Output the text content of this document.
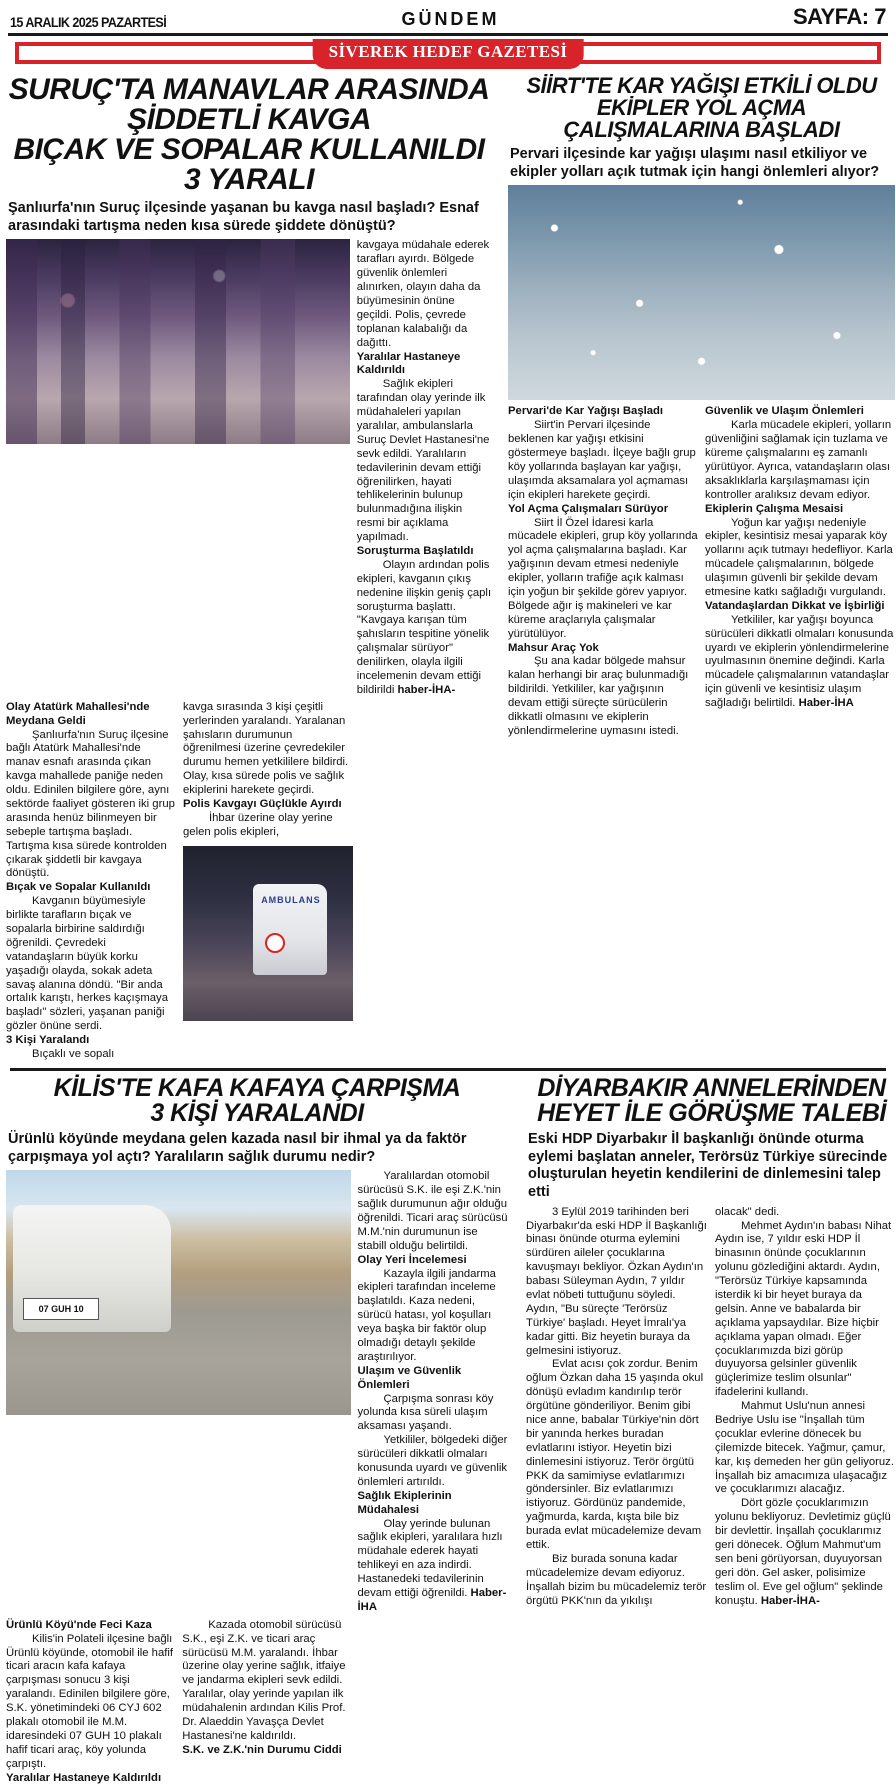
15 ARALIK 2025 PAZARTESİ	GÜNDEM	SAYFA: 7
SİVEREK HEDEF GAZETESİ
SURUÇ'TA MANAVLAR ARASINDA ŞİDDETLİ KAVGA
BIÇAK VE SOPALAR KULLANILDI 3 YARALI
Şanlıurfa'nın Suruç ilçesinde yaşanan bu kavga nasıl başladı? Esnaf arasındaki tartışma neden kısa sürede şiddete dönüştü?

kavgaya müdahale ederek tarafları ayırdı. Bölgede güvenlik önlemleri alınırken, olayın daha da büyümesinin önüne geçildi. Polis, çevrede toplanan kalabalığı da dağıttı.

Yaralılar Hastaneye Kaldırıldı

Sağlık ekipleri tarafından olay yerinde ilk müdahaleleri yapılan yaralılar, ambulanslarla Suruç Devlet Hastanesi'ne sevk edildi. Yaralıların tedavilerinin devam ettiği öğrenilirken, hayati tehlikelerinin bulunup bulunmadığına ilişkin resmi bir açıklama yapılmadı.

Soruşturma Başlatıldı

Olayın ardından polis ekipleri, kavganın çıkış nedenine ilişkin geniş çaplı soruşturma başlattı. "Kavgaya karışan tüm şahısların tespitine yönelik çalışmalar sürüyor" denilirken, olayla ilgili incelemenin devam ettiği bildirildi haber-İHA-

Olay Atatürk Mahallesi'nde Meydana Geldi

Şanlıurfa'nın Suruç ilçesine bağlı Atatürk Mahallesi'nde manav esnafı arasında çıkan kavga mahallede paniğe neden oldu. Edinilen bilgilere göre, aynı sektörde faaliyet gösteren iki grup arasında henüz bilinmeyen bir sebeple tartışma başladı. Tartışma kısa sürede kontrolden çıkarak şiddetli bir kavgaya dönüştü.

Bıçak ve Sopalar Kullanıldı

Kavganın büyümesiyle birlikte tarafların bıçak ve sopalarla birbirine saldırdığı öğrenildi. Çevredeki vatandaşların büyük korku yaşadığı olayda, sokak adeta savaş alanına döndü. "Bir anda ortalık karıştı, herkes kaçışmaya başladı" sözleri, yaşanan paniği gözler önüne serdi.

3 Kişi Yaralandı

Bıçaklı ve sopalı

kavga sırasında 3 kişi çeşitli yerlerinden yaralandı. Yaralanan şahısların durumunun öğrenilmesi üzerine çevredekiler durumu hemen yetkililere bildirdi. Olay, kısa sürede polis ve sağlık ekiplerini harekete geçirdi.

Polis Kavgayı Güçlükle Ayırdı

İhbar üzerine olay yerine gelen polis ekipleri,

AMBULANS
SİİRT'TE KAR YAĞIŞI ETKİLİ OLDU
EKİPLER YOL AÇMA ÇALIŞMALARINA BAŞLADI
Pervari ilçesinde kar yağışı ulaşımı nasıl etkiliyor ve ekipler yolları açık tutmak için hangi önlemleri alıyor?

Pervari'de Kar Yağışı Başladı

Siirt'in Pervari ilçesinde beklenen kar yağışı etkisini göstermeye başladı. İlçeye bağlı grup köy yollarında başlayan kar yağışı, ulaşımda aksamalara yol açmaması için ekipleri harekete geçirdi.

Yol Açma Çalışmaları Sürüyor

Siirt İl Özel İdaresi karla mücadele ekipleri, grup köy yollarında yol açma çalışmalarına başladı. Kar yağışının devam etmesi nedeniyle ekipler, yolların trafiğe açık kalması için yoğun bir şekilde görev yapıyor. Bölgede ağır iş makineleri ve kar küreme araçlarıyla çalışmalar yürütülüyor.

Mahsur Araç Yok

Şu ana kadar bölgede mahsur kalan herhangi bir araç bulunmadığı bildirildi. Yetkililer, kar yağışının devam ettiği süreçte sürücülerin dikkatli olmasını ve ekiplerin yönlendirmelerine uymasını istedi.

Güvenlik ve Ulaşım Önlemleri

Karla mücadele ekipleri, yolların güvenliğini sağlamak için tuzlama ve küreme çalışmalarını eş zamanlı yürütüyor. Ayrıca, vatandaşların olası aksaklıklarla karşılaşmaması için kontroller aralıksız devam ediyor.

Ekiplerin Çalışma Mesaisi

Yoğun kar yağışı nedeniyle ekipler, kesintisiz mesai yaparak köy yollarını açık tutmayı hedefliyor. Karla mücadele çalışmalarının, bölgede ulaşımın güvenli bir şekilde devam etmesine katkı sağladığı vurgulandı.

Vatandaşlardan Dikkat ve İşbirliği

Yetkililer, kar yağışı boyunca sürücüleri dikkatli olmaları konusunda uyardı ve ekiplerin yönlendirmelerine uyulmasının önemine değindi. Karla mücadele çalışmalarının vatandaşlar için güvenli ve kesintisiz ulaşım sağladığı belirtildi. Haber-İHA

KİLİS'TE KAFA KAFAYA ÇARPIŞMA
3 KİŞİ YARALANDI
Ürünlü köyünde meydana gelen kazada nasıl bir ihmal ya da faktör çarpışmaya yol açtı? Yaralıların sağlık durumu nedir?
07 GUH 10

Yaralılardan otomobil sürücüsü S.K. ile eşi Z.K.'nin sağlık durumunun ağır olduğu öğrenildi. Ticari araç sürücüsü M.M.'nin durumunun ise stabill olduğu belirtildi.

Olay Yeri İncelemesi

Kazayla ilgili jandarma ekipleri tarafından inceleme başlatıldı. Kaza nedeni, sürücü hatası, yol koşulları veya başka bir faktör olup olmadığı detaylı şekilde araştırılıyor.

Ulaşım ve Güvenlik Önlemleri

Çarpışma sonrası köy yolunda kısa süreli ulaşım aksaması yaşandı.

Yetkililer, bölgedeki diğer sürücüleri dikkatli olmaları konusunda uyardı ve güvenlik önlemleri artırıldı.

Sağlık Ekiplerinin Müdahalesi

Olay yerinde bulunan sağlık ekipleri, yaralılara hızlı müdahale ederek hayati tehlikeyi en aza indirdi. Hastanedeki tedavilerinin devam ettiği öğrenildi. Haber-İHA

Ürünlü Köyü'nde Feci Kaza

Kilis'in Polateli ilçesine bağlı Ürünlü köyünde, otomobil ile hafif ticari aracın kafa kafaya çarpışması sonucu 3 kişi yaralandı. Edinilen bilgilere göre, S.K. yönetimindeki 06 CYJ 602 plakalı otomobil ile M.M. idaresindeki 07 GUH 10 plakalı hafif ticari araç, köy yolunda çarpıştı.

Yaralılar Hastaneye Kaldırıldı

Kazada otomobil sürücüsü S.K., eşi Z.K. ve ticari araç sürücüsü M.M. yaralandı. İhbar üzerine olay yerine sağlık, itfaiye ve jandarma ekipleri sevk edildi. Yaralılar, olay yerinde yapılan ilk müdahalenin ardından Kilis Prof. Dr. Alaeddin Yavaşça Devlet Hastanesi'ne kaldırıldı.

S.K. ve Z.K.'nin Durumu Ciddi

DİYARBAKIR ANNELERİNDEN
HEYET İLE GÖRÜŞME TALEBİ
Eski HDP Diyarbakır İl başkanlığı önünde oturma eylemi başlatan anneler, Terörsüz Türkiye sürecinde oluşturulan heyetin kendilerini de dinlemesini talep etti

3 Eylül 2019 tarihinden beri Diyarbakır'da eski HDP İl Başkanlığı binası önünde oturma eylemini sürdüren aileler çocuklarına kavuşmayı bekliyor. Özkan Aydın'ın babası Süleyman Aydın, 7 yıldır evlat nöbeti tuttuğunu söyledi. Aydın, "Bu süreçte 'Terörsüz Türkiye' başladı. Heyet İmralı'ya kadar gitti. Biz heyetin buraya da gelmesini istiyoruz.

Evlat acısı çok zordur. Benim oğlum Özkan daha 15 yaşında okul dönüşü evladım kandırılıp terör örgütüne gönderiliyor. Benim gibi nice anne, babalar Türkiye'nin dört bir yanında herkes buradan evlatlarını istiyor. Heyetin bizi dinlemesini istiyoruz. Terör örgütü PKK da samimiyse evlatlarımızı göndersinler. Biz evlatlarımızı istiyoruz. Gördünüz pandemide, yağmurda, karda, kışta bile biz burada evlat mücadelemize devam ettik.

Biz burada sonuna kadar mücadelemize devam ediyoruz. İnşallah bizim bu mücadelemiz terör örgütü PKK'nın da yıkılışı

olacak" dedi.

Mehmet Aydın'ın babası Nihat Aydın ise, 7 yıldır eski HDP İl binasının önünde çocuklarının yolunu gözlediğini aktardı. Aydın, "Terörsüz Türkiye kapsamında isterdik ki bir heyet buraya da gelsin. Anne ve babalarda bir açıklama yapsaydılar. Bize hiçbir açıklama yapan olmadı. Eğer çocuklarımızda bizi görüp duyuyorsa gelsinler güvenlik güçlerimize teslim olsunlar" ifadelerini kullandı.

Mahmut Uslu'nun annesi Bedriye Uslu ise "İnşallah tüm çocuklar evlerine dönecek bu çilemizde bitecek. Yağmur, çamur, kar, kış demeden her gün geliyoruz. İnşallah biz amacımıza ulaşacağız ve çocuklarımızı alacağız.

Dört gözle çocuklarımızın yolunu bekliyoruz. Devletimiz güçlü bir devlettir. İnşallah çocuklarımız geri dönecek. Oğlum Mahmut'um sen beni görüyorsan, duyuyorsan geri dön. Gel asker, polisimize teslim ol. Eve gel oğlum" şeklinde konuştu. Haber-İHA-
